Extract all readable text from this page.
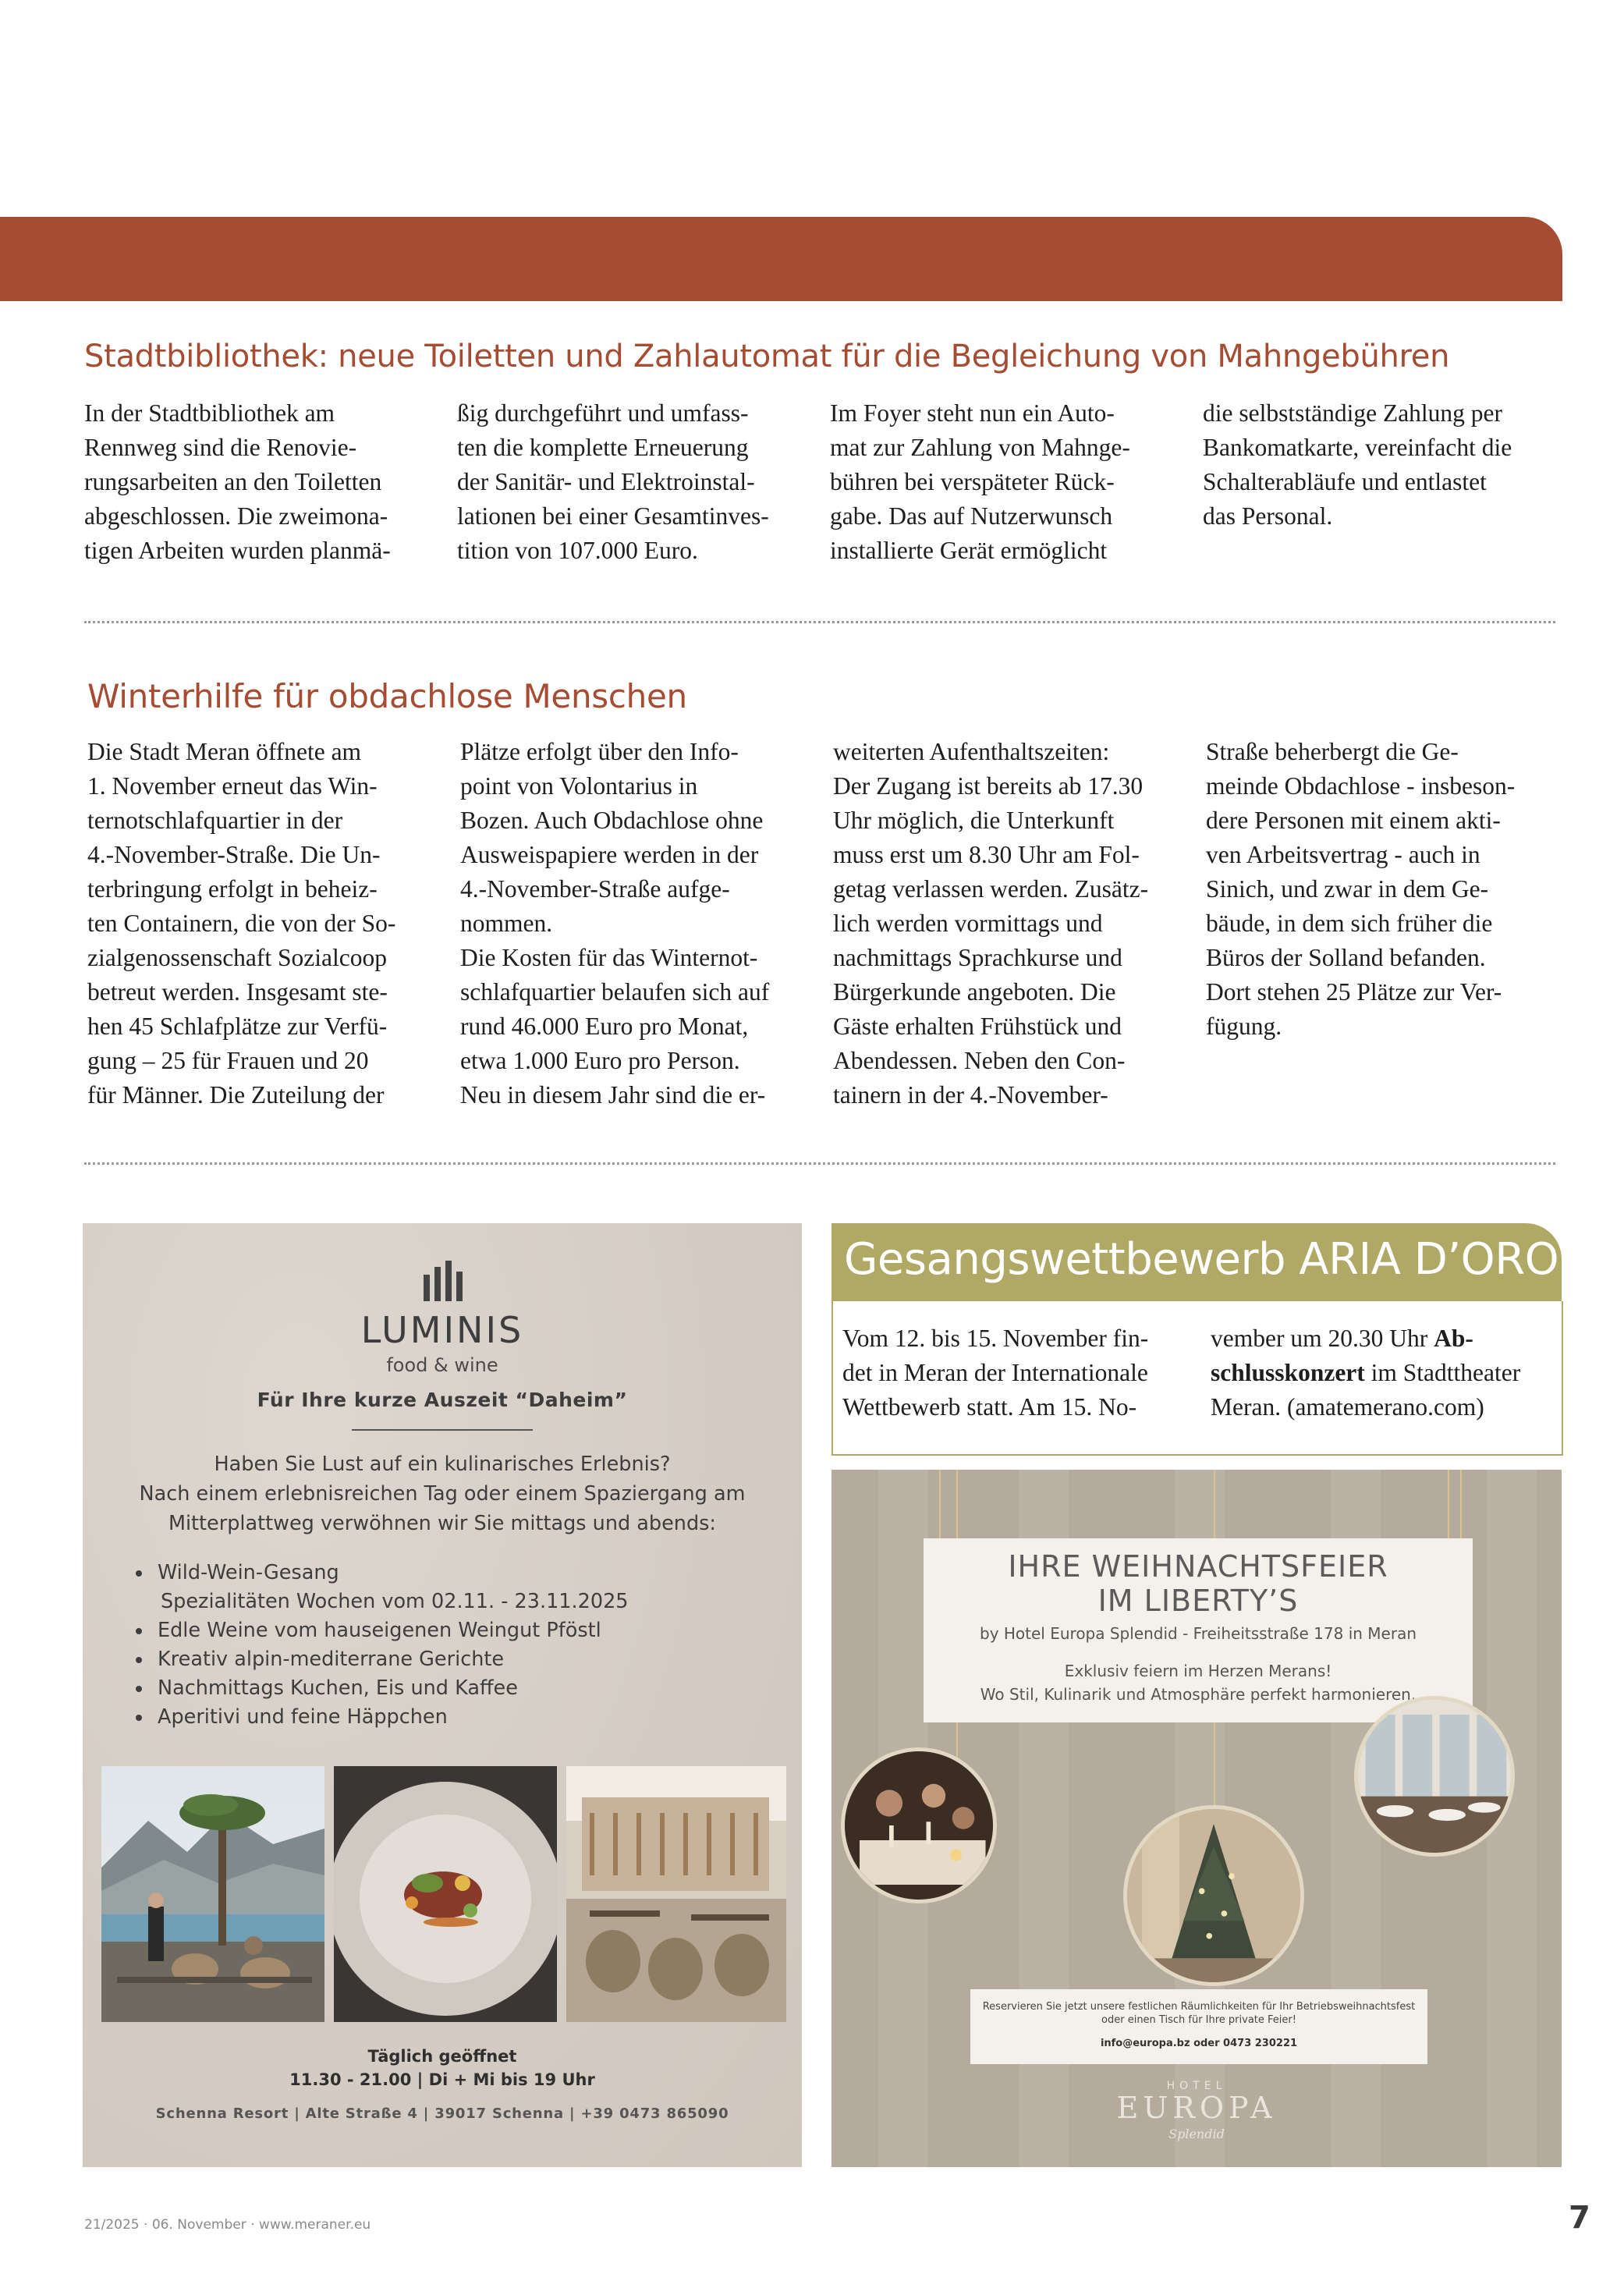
Stadtbibliothek: neue Toiletten und Zahlautomat für die Begleichung von Mahngebühren

In der Stadtbibliothek am
Rennweg sind die Renovie-
rungsarbeiten an den Toiletten
abgeschlossen. Die zweimona-
tigen Arbeiten wurden planmä-

ßig durchgeführt und umfass-
ten die komplette Erneuerung
der Sanitär- und Elektroinstal-
lationen bei einer Gesamtinves-
tition von 107.000 Euro.

Im Foyer steht nun ein Auto-
mat zur Zahlung von Mahnge-
bühren bei verspäteter Rück-
gabe. Das auf Nutzerwunsch
installierte Gerät ermöglicht

die selbstständige Zahlung per
Bankomatkarte, vereinfacht die
Schalterabläufe und entlastet
das Personal.

Winterhilfe für obdachlose Menschen

Die Stadt Meran öffnete am
1. November erneut das Win-
ternotschlafquartier in der
4.-November-Straße. Die Un-
terbringung erfolgt in beheiz-
ten Containern, die von der So-
zialgenossenschaft Sozialcoop
betreut werden. Insgesamt ste-
hen 45 Schlafplätze zur Verfü-
gung – 25 für Frauen und 20
für Männer. Die Zuteilung der

Plätze erfolgt über den Info-
point von Volontarius in
Bozen. Auch Obdachlose ohne
Ausweispapiere werden in der
4.-November-Straße aufge-
nommen.
Die Kosten für das Winternot-
schlafquartier belaufen sich auf
rund 46.000 Euro pro Monat,
etwa 1.000 Euro pro Person.
Neu in diesem Jahr sind die er-

weiterten Aufenthaltszeiten:
Der Zugang ist bereits ab 17.30
Uhr möglich, die Unterkunft
muss erst um 8.30 Uhr am Fol-
getag verlassen werden. Zusätz-
lich werden vormittags und
nachmittags Sprachkurse und
Bürgerkunde angeboten. Die
Gäste erhalten Frühstück und
Abendessen. Neben den Con-
tainern in der 4.-November-

Straße beherbergt die Ge-
meinde Obdachlose - insbeson-
dere Personen mit einem akti-
ven Arbeitsvertrag - auch in
Sinich, und zwar in dem Ge-
bäude, in dem sich früher die
Büros der Solland befanden.
Dort stehen 25 Plätze zur Ver-
fügung.

LUMINIS
food & wine
Für Ihre kurze Auszeit “Daheim”
Haben Sie Lust auf ein kulinarisches Erlebnis?
Nach einem erlebnisreichen Tag oder einem Spaziergang am
Mitterplattweg verwöhnen wir Sie mittags und abends:
• Wild-Wein-Gesang
Spezialitäten Wochen vom 02.11. - 23.11.2025
• Edle Weine vom hauseigenen Weingut Pföstl
• Kreativ alpin-mediterrane Gerichte
• Nachmittags Kuchen, Eis und Kaffee
• Aperitivi und feine Häppchen
Täglich geöffnet
11.30 - 21.00 | Di + Mi bis 19 Uhr
Schenna Resort | Alte Straße 4 | 39017 Schenna | +39 0473 865090
Gesangswettbewerb ARIA D’ORO

Vom 12. bis 15. November fin-
det in Meran der Internationale
Wettbewerb statt. Am 15. No-

vember um 20.30 Uhr Ab-
schlusskonzert im Stadttheater
Meran. (amatemerano.com)

IHRE WEIHNACHTSFEIER
IM LIBERTY’S
by Hotel Europa Splendid - Freiheitsstraße 178 in Meran
Exklusiv feiern im Herzen Merans!
Wo Stil, Kulinarik und Atmosphäre perfekt harmonieren.
Reservieren Sie jetzt unsere festlichen Räumlichkeiten für Ihr Betriebsweihnachtsfest
oder einen Tisch für Ihre private Feier!
info@europa.bz oder 0473 230221
HOTEL
EUROPA
Splendid
21/2025 · 06. November · www.meraner.eu	7
